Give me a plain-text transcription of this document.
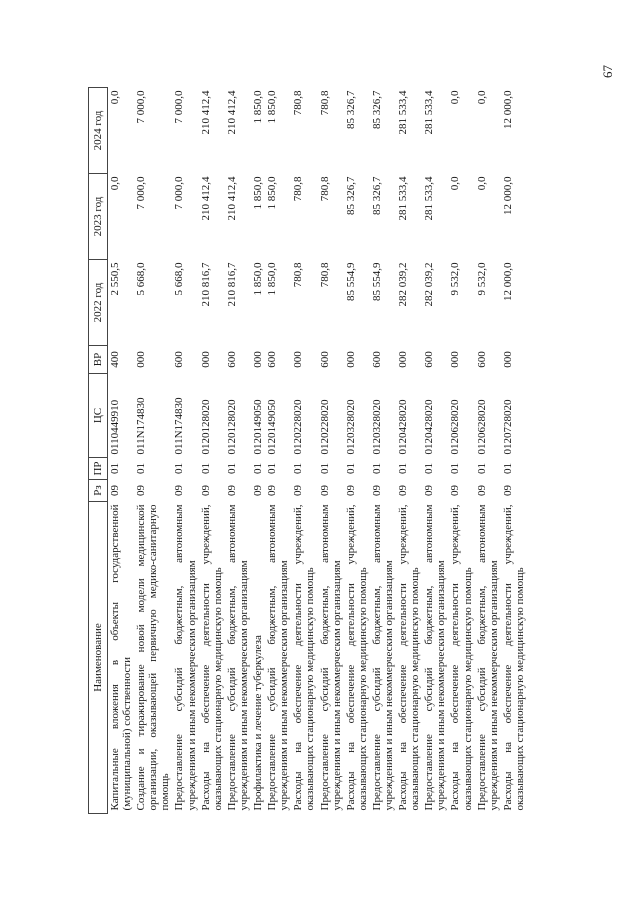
67
Наименование	Рз	ПР	ЦС	ВР	2022 год	2023 год	2024 год
Капитальные вложения в объекты государственной (муниципальной) собственности	09	01	0110449910	400	2 550,5	0,0	0,0
Создание и тиражирование новой модели медицинской организации, оказывающей первичную медико-санитарную помощь	09	01	011N174830	000	5 668,0	7 000,0	7 000,0
Предоставление субсидий бюджетным, автономным учреждениям и иным некоммерческим организациям	09	01	011N174830	600	5 668,0	7 000,0	7 000,0
Расходы на обеспечение деятельности учреждений, оказывающих стационарную медицинскую помощь	09	01	0120128020	000	210 816,7	210 412,4	210 412,4
Предоставление субсидий бюджетным, автономным учреждениям и иным некоммерческим организациям	09	01	0120128020	600	210 816,7	210 412,4	210 412,4
Профилактика и лечение туберкулеза	09	01	0120149050	000	1 850,0	1 850,0	1 850,0
Предоставление субсидий бюджетным, автономным учреждениям и иным некоммерческим организациям	09	01	0120149050	600	1 850,0	1 850,0	1 850,0
Расходы на обеспечение деятельности учреждений, оказывающих стационарную медицинскую помощь	09	01	0120228020	000	780,8	780,8	780,8
Предоставление субсидий бюджетным, автономным учреждениям и иным некоммерческим организациям	09	01	0120228020	600	780,8	780,8	780,8
Расходы на обеспечение деятельности учреждений, оказывающих стационарную медицинскую помощь	09	01	0120328020	000	85 554,9	85 326,7	85 326,7
Предоставление субсидий бюджетным, автономным учреждениям и иным некоммерческим организациям	09	01	0120328020	600	85 554,9	85 326,7	85 326,7
Расходы на обеспечение деятельности учреждений, оказывающих стационарную медицинскую помощь	09	01	0120428020	000	282 039,2	281 533,4	281 533,4
Предоставление субсидий бюджетным, автономным учреждениям и иным некоммерческим организациям	09	01	0120428020	600	282 039,2	281 533,4	281 533,4
Расходы на обеспечение деятельности учреждений, оказывающих стационарную медицинскую помощь	09	01	0120628020	000	9 532,0	0,0	0,0
Предоставление субсидий бюджетным, автономным учреждениям и иным некоммерческим организациям	09	01	0120628020	600	9 532,0	0,0	0,0
Расходы на обеспечение деятельности учреждений, оказывающих стационарную медицинскую помощь	09	01	0120728020	000	12 000,0	12 000,0	12 000,0
